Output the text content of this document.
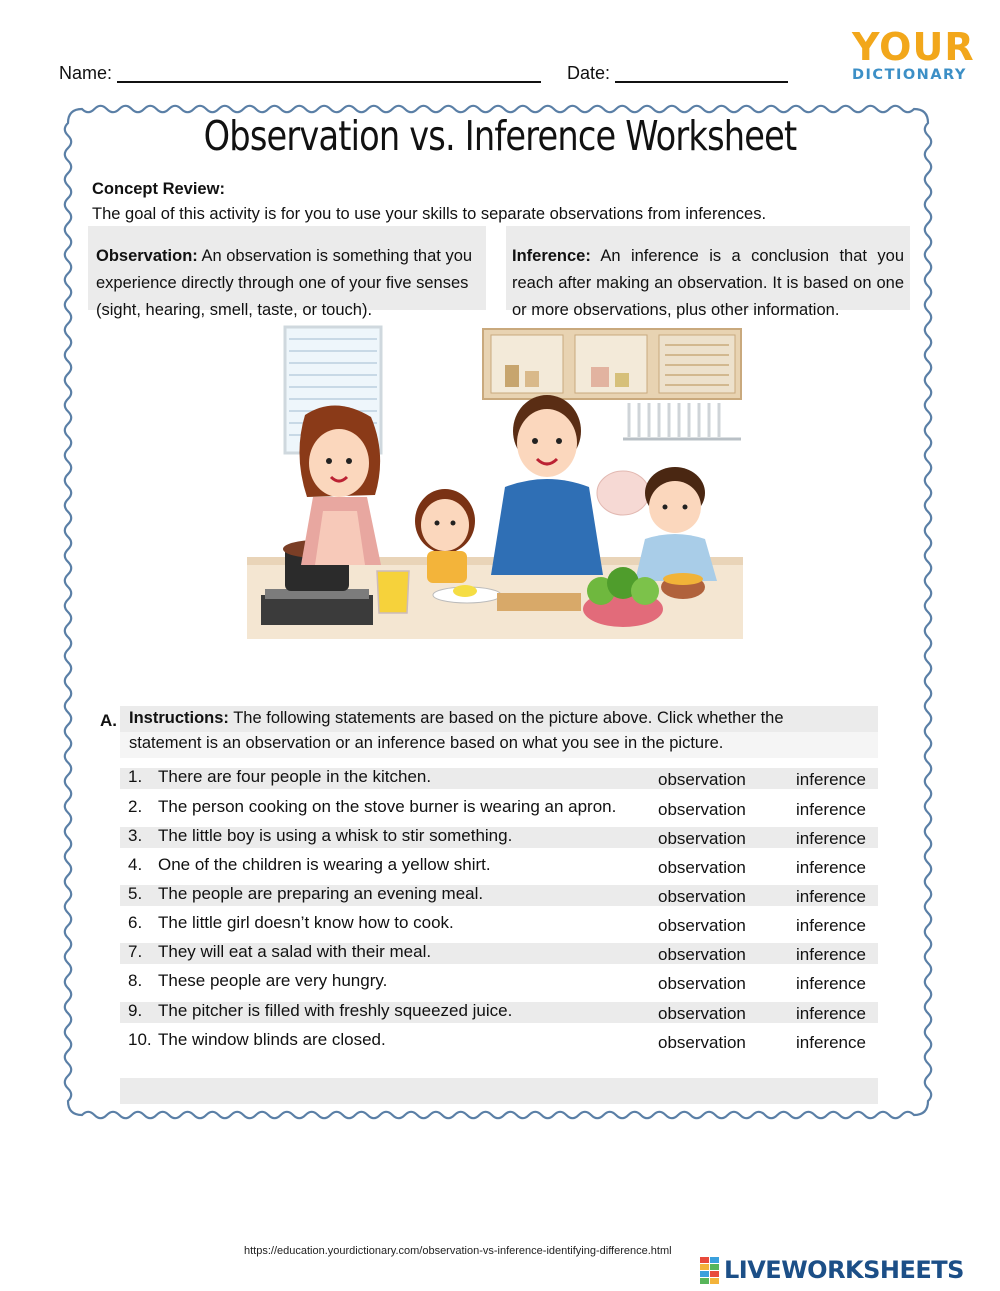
Name:	Date:
YOUR
DICTIONARY
Observation vs. Inference Worksheet
Concept Review:
The goal of this activity is for you to use your skills to separate observations from inferences.
Observation: An observation is something that you experience directly through one of your five senses (sight, hearing, smell, taste, or touch).
Inference: An inference is a conclusion that you reach after making an observation. It is based on one or more observations, plus other information.
A. Instructions: The following statements are based on the picture above. Click whether the
statement is an observation or an inference based on what you see in the picture.
1. There are four people in the kitchen.	observation	inference
2. The person cooking on the stove burner is wearing an apron. observation	inference
3. The little boy is using a whisk to stir something.	observation	inference
4. One of the children is wearing a yellow shirt.	observation	inference
5. The people are preparing an evening meal.	observation	inference
6. The little girl doesn’t know how to cook.	observation	inference
7. They will eat a salad with their meal.	observation	inference
8. These people are very hungry.	observation	inference
9. The pitcher is filled with freshly squeezed juice.	observation	inference
10. The window blinds are closed.	observation	inference
https://education.yourdictionary.com/observation-vs-inference-identifying-difference.html
LIVEWORKSHEETS
